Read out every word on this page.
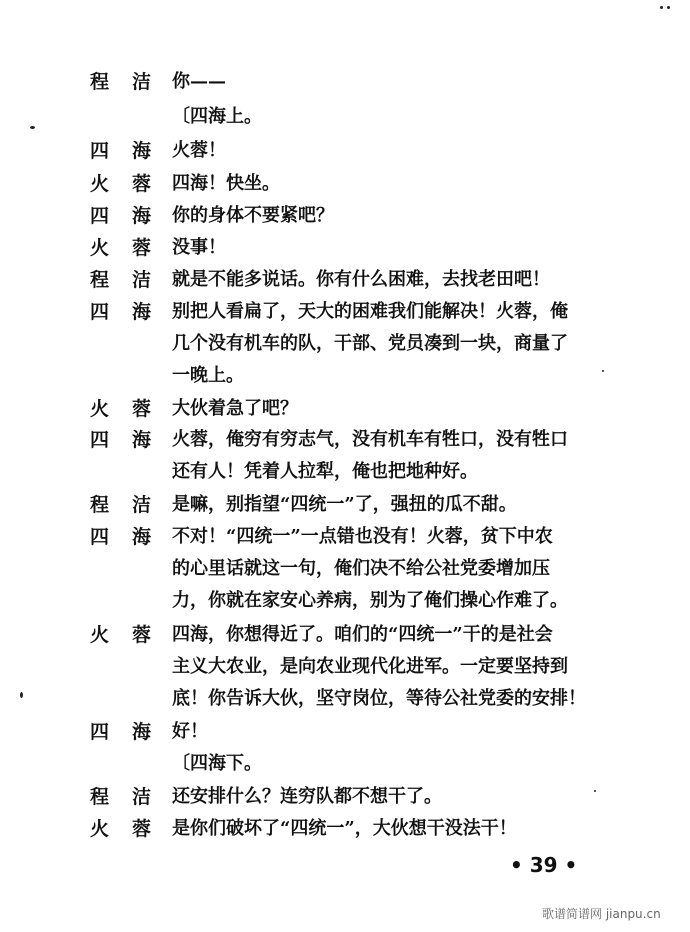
程 洁 你——
〔四海上。
四 海 火蓉！
火 蓉 四海！快坐。
四 海 你的身体不要紧吧？
火 蓉 没事！
程 洁 就是不能多说话。你有什么困难，去找老田吧！
四 海 别把人看扁了，天大的困难我们能解决！火蓉，俺
几个没有机车的队，干部、党员凑到一块，商量了
一晚上。
火 蓉 大伙着急了吧？
四 海 火蓉，俺穷有穷志气，没有机车有牲口，没有牲口
还有人！凭着人拉犁，俺也把地种好。
程 洁 是嘛，别指望“四统一”了，强扭的瓜不甜。
四 海 不对！“四统一”一点错也没有！火蓉，贫下中农
的心里话就这一句，俺们决不给公社党委增加压
力，你就在家安心养病，别为了俺们操心作难了。
火 蓉 四海，你想得近了。咱们的“四统一”干的是社会
主义大农业，是向农业现代化进军。一定要坚持到
底！你告诉大伙，坚守岗位，等待公社党委的安排！
四 海 好！
〔四海下。
程 洁 还安排什么？连穷队都不想干了。
火 蓉 是你们破坏了“四统一”，大伙想干没法干！
• 39 •
歌谱简谱网 jianpu.cn
